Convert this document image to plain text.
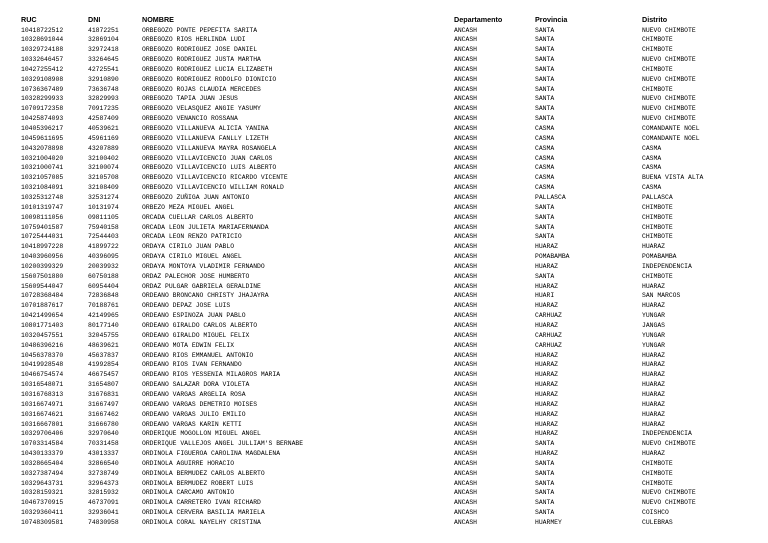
RUC	DNI	NOMBRE	Departamento	Provincia	Distrito
10418722512	41872251	ORBEGOZO PONTE PEPEFITA SARITA	ANCASH	SANTA	NUEVO CHIMBOTE
10328691044	32869104	ORBEGOZO RIOS HERLINDA LUDI	ANCASH	SANTA	CHIMBOTE
10329724188	32972418	ORBEGOZO RODRIGUEZ JOSE DANIEL	ANCASH	SANTA	CHIMBOTE
10332646457	33264645	ORBEGOZO RODRIGUEZ JUSTA MARTHA	ANCASH	SANTA	NUEVO CHIMBOTE
10427255412	42725541	ORBEGOZO RODRIGUEZ LUCIA ELIZABETH	ANCASH	SANTA	CHIMBOTE
10329108908	32910890	ORBEGOZO RODRIGUEZ RODOLFO DIONICIO	ANCASH	SANTA	NUEVO CHIMBOTE
10736367489	73636748	ORBEGOZO ROJAS CLAUDIA MERCEDES	ANCASH	SANTA	CHIMBOTE
10328299933	32829993	ORBEGOZO TAPIA JUAN JESUS	ANCASH	SANTA	NUEVO CHIMBOTE
10709172358	70917235	ORBEGOZO VELASQUEZ ANGIE YASUMY	ANCASH	SANTA	NUEVO CHIMBOTE
10425874093	42587409	ORBEGOZO VENANCIO ROSSANA	ANCASH	SANTA	NUEVO CHIMBOTE
10405396217	40539621	ORBEGOZO VILLANUEVA ALICIA YANINA	ANCASH	CASMA	COMANDANTE NOEL
10459611695	45961169	ORBEGOZO VILLANUEVA FANLLY LIZETH	ANCASH	CASMA	COMANDANTE NOEL
10432078898	43207889	ORBEGOZO VILLANUEVA MAYRA ROSANGELA	ANCASH	CASMA	CASMA
10321004020	32100402	ORBEGOZO VILLAVICENCIO JUAN CARLOS	ANCASH	CASMA	CASMA
10321000741	32100074	ORBEGOZO VILLAVICENCIO LUIS ALBERTO	ANCASH	CASMA	CASMA
10321057085	32105708	ORBEGOZO VILLAVICENCIO RICARDO VICENTE	ANCASH	CASMA	BUENA VISTA ALTA
10321084091	32108409	ORBEGOZO VILLAVICENCIO WILLIAM RONALD	ANCASH	CASMA	CASMA
10325312748	32531274	ORBEGOZO ZUÑIGA JUAN ANTONIO	ANCASH	PALLASCA	PALLASCA
10101319747	10131974	ORBEZO MEZA MIGUEL ANGEL	ANCASH	SANTA	CHIMBOTE
10098111056	09811105	ORCADA CUELLAR CARLOS ALBERTO	ANCASH	SANTA	CHIMBOTE
10759401587	75940158	ORCADA LEON JULIETA MARIAFERNANDA	ANCASH	SANTA	CHIMBOTE
10725444031	72544403	ORCADA LEON RENZO PATRICIO	ANCASH	SANTA	CHIMBOTE
10418997228	41899722	ORDAYA CIRILO JUAN PABLO	ANCASH	HUARAZ	HUARAZ
10403960956	40396095	ORDAYA CIRILO MIGUEL ANGEL	ANCASH	POMABAMBA	POMABAMBA
10200399329	20039932	ORDAYA MONTOYA VLADIMIR FERNANDO	ANCASH	HUARAZ	INDEPENDENCIA
15607501880	60750188	ORDAZ PALECHOR JOSE HUMBERTO	ANCASH	SANTA	CHIMBOTE
15609544047	60954404	ORDAZ PULGAR GABRIELA GERALDINE	ANCASH	HUARAZ	HUARAZ
10728368484	72836848	ORDEANO BRONCANO CHRISTY JHAJAYRA	ANCASH	HUARI	SAN MARCOS
10701887617	70188761	ORDEANO DEPAZ JOSE LUIS	ANCASH	HUARAZ	HUARAZ
10421499654	42149965	ORDEANO ESPINOZA JUAN PABLO	ANCASH	CARHUAZ	YUNGAR
10801771403	80177140	ORDEANO GIRALDO CARLOS ALBERTO	ANCASH	HUARAZ	JANGAS
10320457551	32045755	ORDEANO GIRALDO MIGUEL FELIX	ANCASH	CARHUAZ	YUNGAR
10486396216	48639621	ORDEANO MOTA EDWIN FELIX	ANCASH	CARHUAZ	YUNGAR
10456378370	45637837	ORDEANO RIOS EMMANUEL ANTONIO	ANCASH	HUARAZ	HUARAZ
10419928548	41992854	ORDEANO RIOS IVAN FERNANDO	ANCASH	HUARAZ	HUARAZ
10466754574	46675457	ORDEANO RIOS YESSENIA MILAGROS MARIA	ANCASH	HUARAZ	HUARAZ
10316548071	31654807	ORDEANO SALAZAR DORA VIOLETA	ANCASH	HUARAZ	HUARAZ
10316768313	31676831	ORDEANO VARGAS ARGELIA ROSA	ANCASH	HUARAZ	HUARAZ
10316674971	31667497	ORDEANO VARGAS DEMETRIO MOISES	ANCASH	HUARAZ	HUARAZ
10316674621	31667462	ORDEANO VARGAS JULIO EMILIO	ANCASH	HUARAZ	HUARAZ
10316667801	31666780	ORDEANO VARGAS KARIN KETTI	ANCASH	HUARAZ	HUARAZ
10329706406	32970640	ORDERIQUE MOGOLLON MIGUEL ANGEL	ANCASH	HUARAZ	INDEPENDENCIA
10703314584	70331458	ORDERIQUE VALLEJOS ANGEL JULLIAM'S BERNABE	ANCASH	SANTA	NUEVO CHIMBOTE
10430133379	43013337	ORDINOLA FIGUEROA CAROLINA MAGDALENA	ANCASH	HUARAZ	HUARAZ
10328665404	32866540	ORDINOLA AGUIRRE HORACIO	ANCASH	SANTA	CHIMBOTE
10327387494	32738749	ORDINOLA BERMUDEZ CARLOS ALBERTO	ANCASH	SANTA	CHIMBOTE
10329643731	32964373	ORDINOLA BERMUDEZ ROBERT LUIS	ANCASH	SANTA	CHIMBOTE
10328159321	32815932	ORDINOLA CARCAMO ANTONIO	ANCASH	SANTA	NUEVO CHIMBOTE
10467370915	46737091	ORDINOLA CARRETERO IVAN RICHARD	ANCASH	SANTA	NUEVO CHIMBOTE
10329360411	32936041	ORDINOLA CERVERA BASILIA MARIELA	ANCASH	SANTA	COISHCO
10748309581	74830958	ORDINOLA CORAL NAYELHY CRISTINA	ANCASH	HUARMEY	CULEBRAS
